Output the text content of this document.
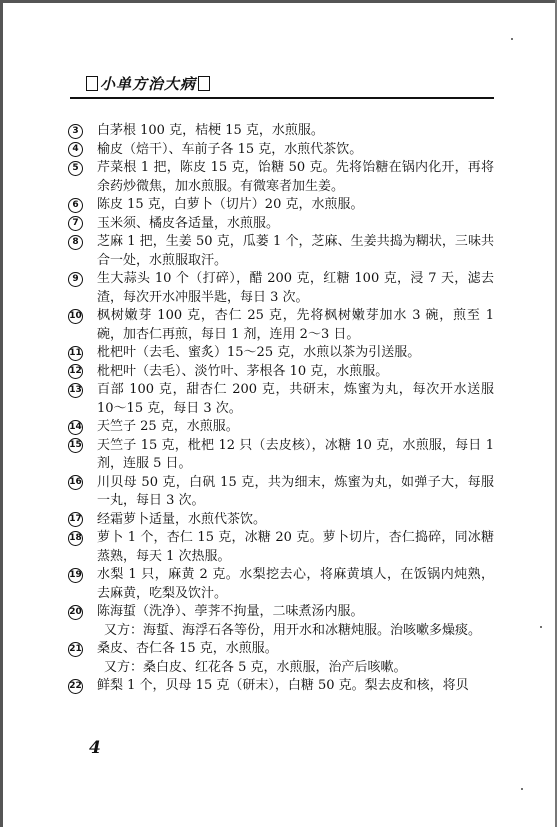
小单方治大病
3	白茅根 100 克，桔梗 15 克，水煎服。
4	榆皮（焙干）、车前子各 15 克，水煎代茶饮。
5	芹菜根 1 把，陈皮 15 克，饴糖 50 克。先将饴糖在锅内化开，再将余药炒微焦，加水煎服。有微寒者加生姜。
6	陈皮 15 克，白萝卜（切片）20 克，水煎服。
7	玉米须、橘皮各适量，水煎服。
8	芝麻 1 把，生姜 50 克，瓜蒌 1 个，芝麻、生姜共捣为糊状，三味共合一处，水煎服取汗。
9	生大蒜头 10 个（打碎），醋 200 克，红糖 100 克，浸 7 天，滤去渣，每次开水冲服半匙，每日 3 次。
10 枫树嫩芽 100 克，杏仁 25 克，先将枫树嫩芽加水 3 碗，煎至 1 碗，加杏仁再煎，每日 1 剂，连用 2～3 日。
11 枇杷叶（去毛、蜜炙）15～25 克，水煎以茶为引送服。
12 枇杷叶（去毛）、淡竹叶、茅根各 10 克，水煎服。
13 百部 100 克，甜杏仁 200 克，共研末，炼蜜为丸，每次开水送服 10～15 克，每日 3 次。
14 天竺子 25 克，水煎服。
15 天竺子 15 克，枇杷 12 只（去皮核），冰糖 10 克，水煎服，每日 1 剂，连服 5 日。
16 川贝母 50 克，白矾 15 克，共为细末，炼蜜为丸，如弹子大，每服一丸，每日 3 次。
17 经霜萝卜适量，水煎代茶饮。
18 萝卜 1 个，杏仁 15 克，冰糖 20 克。萝卜切片，杏仁捣碎，同冰糖蒸熟，每天 1 次热服。
19 水梨 1 只，麻黄 2 克。水梨挖去心，将麻黄填人，在饭锅内炖熟，去麻黄，吃梨及饮汁。
20 陈海蜇（洗净）、荸荠不拘量，二味煮汤内服。
又方：海蜇、海浮石各等份，用开水和冰糖炖服。治咳嗽多燥痰。
21 桑皮、杏仁各 15 克，水煎服。
又方：桑白皮、红花各 5 克，水煎服，治产后咳嗽。
22 鲜梨 1 个，贝母 15 克（研末），白糖 50 克。梨去皮和核，将贝
4
